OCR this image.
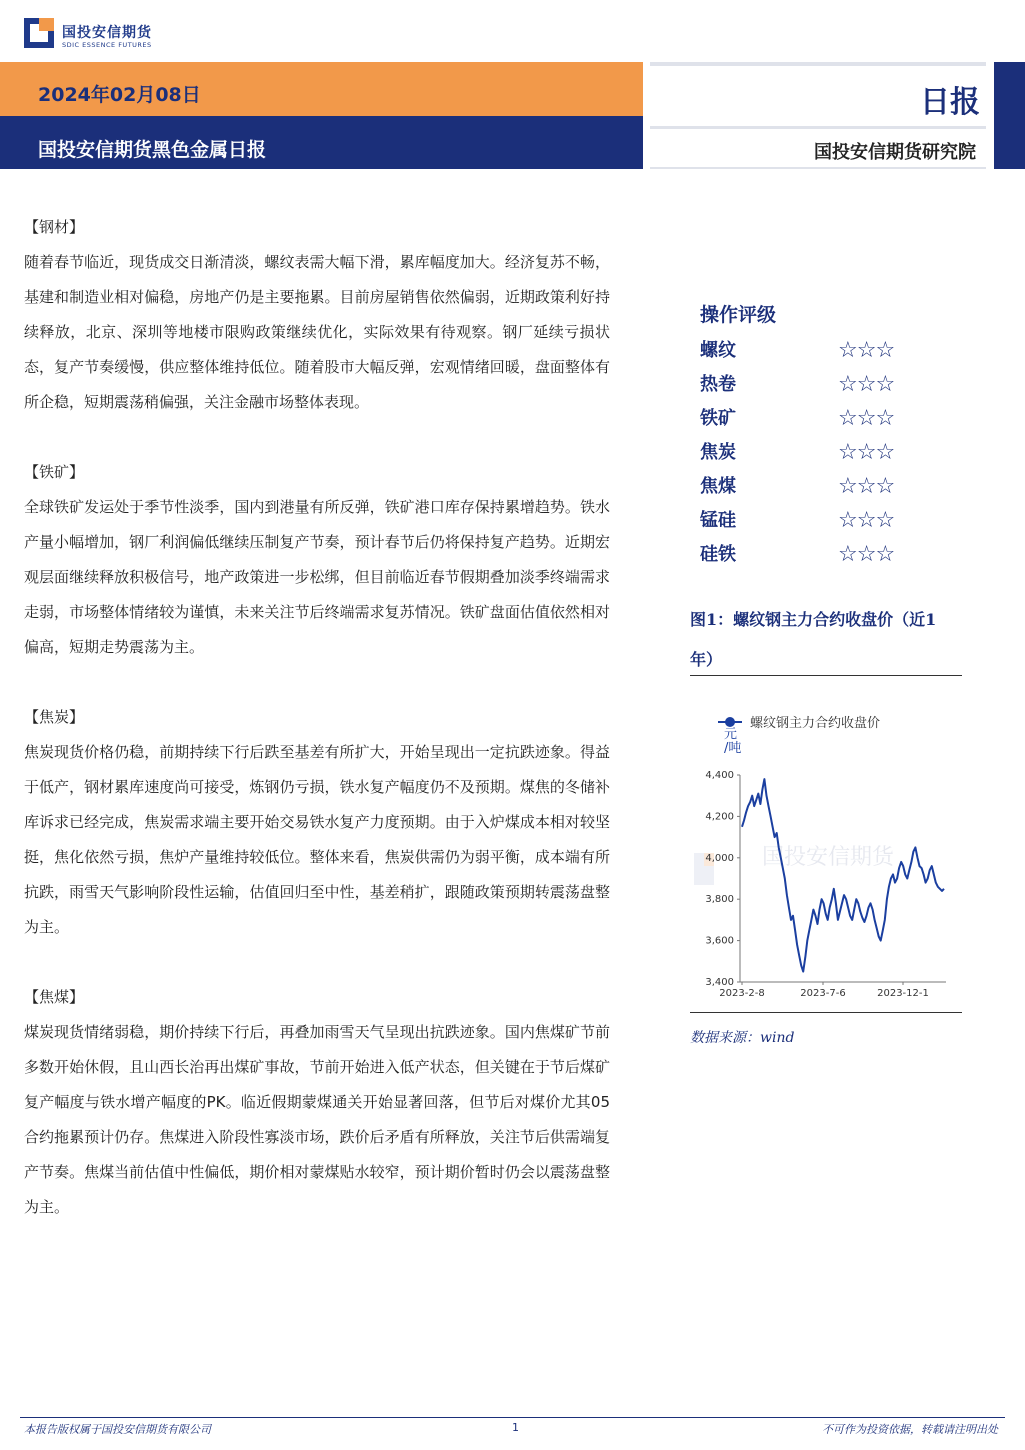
国投安信期货
SDIC ESSENCE FUTURES
2024年02月08日
国投安信期货黑色金属日报
日报
国投安信期货研究院
【钢材】

随着春节临近，现货成交日渐清淡，螺纹表需大幅下滑，累库幅度加大。经济复苏不畅，基建和制造业相对偏稳，房地产仍是主要拖累。目前房屋销售依然偏弱，近期政策利好持续释放，北京、深圳等地楼市限购政策继续优化，实际效果有待观察。钢厂延续亏损状态，复产节奏缓慢，供应整体维持低位。随着股市大幅反弹，宏观情绪回暖，盘面整体有所企稳，短期震荡稍偏强，关注金融市场整体表现。

【铁矿】

全球铁矿发运处于季节性淡季，国内到港量有所反弹，铁矿港口库存保持累增趋势。铁水产量小幅增加，钢厂利润偏低继续压制复产节奏，预计春节后仍将保持复产趋势。近期宏观层面继续释放积极信号，地产政策进一步松绑，但目前临近春节假期叠加淡季终端需求走弱，市场整体情绪较为谨慎，未来关注节后终端需求复苏情况。铁矿盘面估值依然相对偏高，短期走势震荡为主。

【焦炭】

焦炭现货价格仍稳，前期持续下行后跌至基差有所扩大，开始呈现出一定抗跌迹象。得益于低产，钢材累库速度尚可接受，炼钢仍亏损，铁水复产幅度仍不及预期。煤焦的冬储补库诉求已经完成，焦炭需求端主要开始交易铁水复产力度预期。由于入炉煤成本相对较坚挺，焦化依然亏损，焦炉产量维持较低位。整体来看，焦炭供需仍为弱平衡，成本端有所抗跌，雨雪天气影响阶段性运输，估值回归至中性，基差稍扩，跟随政策预期转震荡盘整为主。

【焦煤】

煤炭现货情绪弱稳，期价持续下行后，再叠加雨雪天气呈现出抗跌迹象。国内焦煤矿节前多数开始休假，且山西长治再出煤矿事故，节前开始进入低产状态，但关键在于节后煤矿复产幅度与铁水增产幅度的PK。临近假期蒙煤通关开始显著回落，但节后对煤价尤其05合约拖累预计仍存。焦煤进入阶段性寡淡市场，跌价后矛盾有所释放，关注节后供需端复产节奏。焦煤当前估值中性偏低，期价相对蒙煤贴水较窄，预计期价暂时仍会以震荡盘整为主。

操作评级
螺纹	☆☆☆
热卷	☆☆☆
铁矿	☆☆☆
焦炭	☆☆☆
焦煤	☆☆☆
锰硅	☆☆☆
硅铁	☆☆☆
图1：螺纹钢主力合约收盘价（近1年）
国投安信期货
3,400
3,600
3,800
4,000
4,200
4,400
2023-2-8	2023-7-6	2023-12-1
元
/吨
螺纹钢主力合约收盘价
数据来源：wind
本报告版权属于国投安信期货有限公司	1	不可作为投资依据，转载请注明出处
